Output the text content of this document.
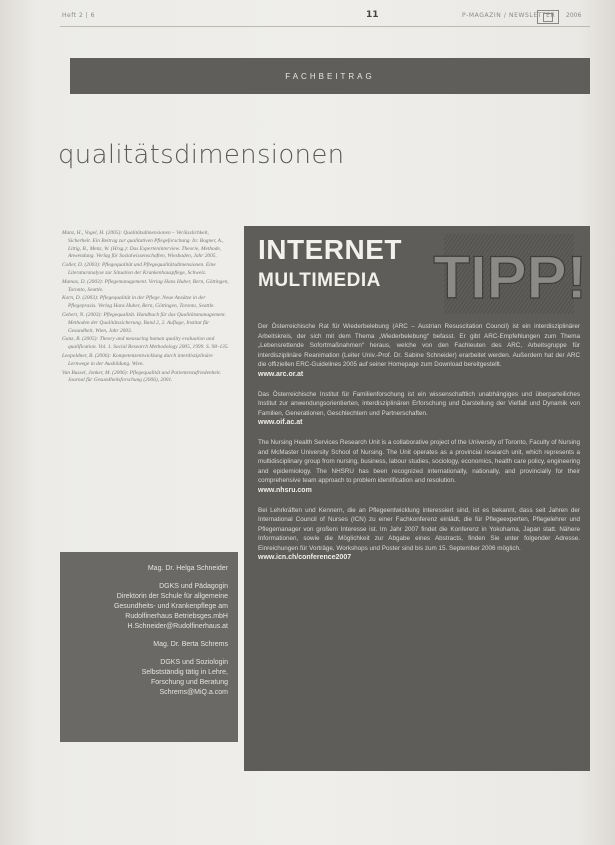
Heft 2 | 6	11	P-MAGAZIN / NEWSLETTER 2006
FACHBEITRAG
qualitätsdimensionen

Manz, H., Vogel, H. (2005): Qualitätsdimensionen – Verlässlichkeit, Sicherheit. Ein Beitrag zur qualitativen Pflegeforschung. In: Bogner, A., Littig, B., Menz, W. (Hrsg.): Das Experteninterview. Theorie, Methode, Anwendung. Verlag für Sozialwissenschaften, Wiesbaden, Jahr 2005.

Coller, D. (2003): Pflegequalität und Pflegequalitätsdimensionen. Eine Literaturanalyse zur Situation der Krankenhauspflege, Schweiz.

Mamas, D. (2003): Pflegemanagement. Verlag Hans Huber, Bern, Göttingen, Toronto, Seattle.

Korn, D. (2003): Pflegequalität in der Pflege. Neue Ansätze in der Pflegepraxis. Verlag Hans Huber, Bern, Göttingen, Toronto, Seattle.

Gebert, N. (2003): Pflegequalität. Handbuch für das Qualitätsmanagement. Methoden der Qualitätssicherung. Band 2, 2. Auflage, Institut für Gesundheit, Wien, Jahr 2003.

Ganz, B. (2005): Theory and measuring human quality evaluation and qualification. Vol. 1. Social Research Methodology 2005, 1999. S. 98–135.

Leopoldner, B. (2006): Kompetenzentwicklung durch interdisziplinäre Lernwege in der Ausbildung. Wien.

Van Bussel, Jonker, M. (2006): Pflegequalität und Patientenzufriedenheit. Journal für Gesundheitsforschung (2006), 2001.

Mag. Dr. Helga Schneider
DGKS und Pädagogin
Direktorin der Schule für allgemeine
Gesundheits- und Krankenpflege am
Rudolfinerhaus Betriebsges.mbH
H.Schneider@Rudolfinerhaus.at
Mag. Dr. Berta Schrems
DGKS und Soziologin
Selbstständig tätig in Lehre,
Forschung und Beratung
Schrems@MiQ.a.com
INTERNET
MULTIMEDIA TIPP!

Der Österreichische Rat für Wiederbelebung (ARC – Austrian Resuscitation Council) ist ein interdisziplinärer Arbeitskreis, der sich mit dem Thema „Wiederbelebung“ befasst. Er gibt ARC-Empfehlungen zum Thema „Lebensrettende Sofortmaßnahmen“ heraus, welche von den Fachleuten des ARC, Arbeitsgruppe für interdisziplinäre Reanimation (Leiter Univ.-Prof. Dr. Sabine Schneider) erarbeitet werden. Außerdem hat der ARC die offiziellen ERC-Guidelines 2005 auf seiner Homepage zum Download bereitgestellt.

www.arc.or.at

Das Österreichische Institut für Familienforschung ist ein wissenschaftlich unabhängiges und überparteiliches Institut zur anwendungsorientierten, interdisziplinären Erforschung und Darstellung der Vielfalt und Dynamik von Familien, Generationen, Geschlechtern und Partnerschaften.

www.oif.ac.at

The Nursing Health Services Research Unit is a collaborative project of the University of Toronto, Faculty of Nursing and McMaster University School of Nursing. The Unit operates as a provincial research unit, which represents a multidisciplinary group from nursing, business, labour studies, sociology, economics, health care policy, engineering and epidemiology. The NHSRU has been recognized internationally, nationally, and provincially for their comprehensive team approach to problem identification and resolution.

www.nhsru.com

Bei Lehrkräften und Kennern, die an Pflegeentwicklung interessiert sind, ist es bekannt, dass seit Jahren der International Council of Nurses (ICN) zu einer Fachkonferenz einlädt, die für Pflegeexperten, Pflegelehrer und Pflegemanager von großem Interesse ist. Im Jahr 2007 findet die Konferenz in Yokohama, Japan statt. Nähere Informationen, sowie die Möglichkeit zur Abgabe eines Abstracts, finden Sie unter folgender Adresse. Einreichungen für Vorträge, Workshops und Poster sind bis zum 15. September 2006 möglich.

www.icn.ch/conference2007
